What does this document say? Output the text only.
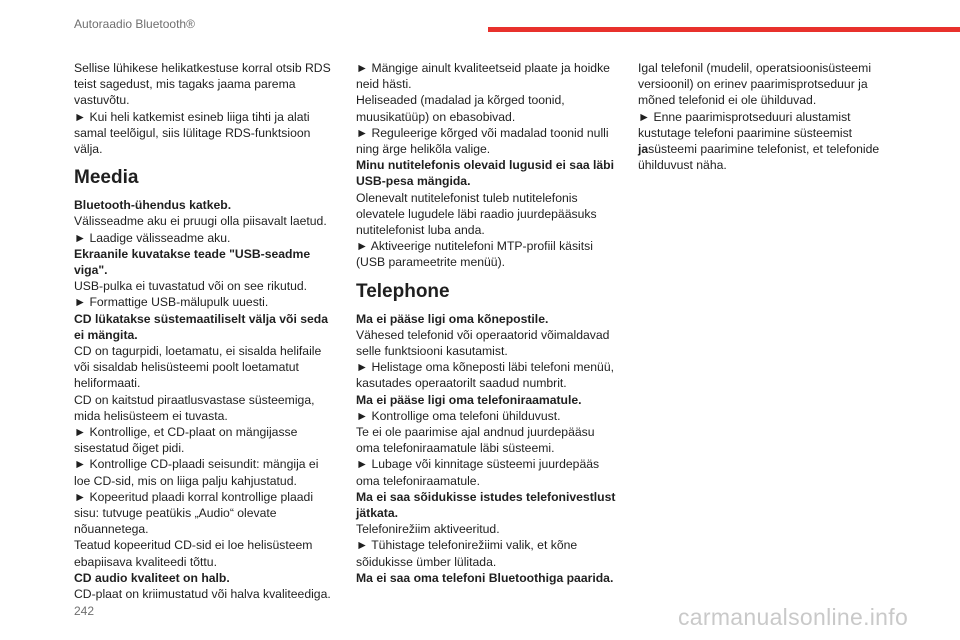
Autoraadio Bluetooth®
Sellise lühikese helikatkestuse korral otsib RDS teist sagedust, mis tagaks jaama parema vastuvõtu.
► Kui heli katkemist esineb liiga tihti ja alati samal teelõigul, siis lülitage RDS-funktsioon välja.
Meedia
Bluetooth-ühendus katkeb.
Välisseadme aku ei pruugi olla piisavalt laetud.
► Laadige välisseadme aku.
Ekraanile kuvatakse teade "USB-seadme viga".
USB-pulka ei tuvastatud või on see rikutud.
► Formattige USB-mälupulk uuesti.
CD lükatakse süstemaatiliselt välja või seda ei mängita.
CD on tagurpidi, loetamatu, ei sisalda helifaile või sisaldab helisüsteemi poolt loetamatut heliformaati.
CD on kaitstud piraatlusvastase süsteemiga, mida helisüsteem ei tuvasta.
► Kontrollige, et CD-plaat on mängijasse sisestatud õiget pidi.
► Kontrollige CD-plaadi seisundit: mängija ei loe CD-sid, mis on liiga palju kahjustatud.
► Kopeeritud plaadi korral kontrollige plaadi sisu: tutvuge peatükis „Audio“ olevate nõuannetega.
Teatud kopeeritud CD-sid ei loe helisüsteem ebapiisava kvaliteedi tõttu.
CD audio kvaliteet on halb.
CD-plaat on kriimustatud või halva kvaliteediga.
► Mängige ainult kvaliteetseid plaate ja hoidke neid hästi.
Heliseaded (madalad ja kõrged toonid, muusikatüüp) on ebasobivad.
► Reguleerige kõrged või madalad toonid nulli ning ärge helikõla valige.
Minu nutitelefonis olevaid lugusid ei saa läbi USB-pesa mängida.
Olenevalt nutitelefonist tuleb nutitelefonis olevatele lugudele läbi raadio juurdepääsuks nutitelefonist luba anda.
► Aktiveerige nutitelefoni MTP-profiil käsitsi (USB parameetrite menüü).
Telephone
Ma ei pääse ligi oma kõnepostile.
Vähesed telefonid või operaatorid võimaldavad selle funktsiooni kasutamist.
► Helistage oma kõneposti läbi telefoni menüü, kasutades operaatorilt saadud numbrit.
Ma ei pääse ligi oma telefoniraamatule.
► Kontrollige oma telefoni ühilduvust.
Te ei ole paarimise ajal andnud juurdepääsu oma telefoniraamatule läbi süsteemi.
► Lubage või kinnitage süsteemi juurdepääs oma telefoniraamatule.
Ma ei saa sõidukisse istudes telefonivestlust jätkata.
Telefonirežiim aktiveeritud.
► Tühistage telefonirežiimi valik, et kõne sõidukisse ümber lülitada.
Ma ei saa oma telefoni Bluetoothiga paarida.
Igal telefonil (mudelil, operatsioonisüsteemi versioonil) on erinev paarimisprotseduur ja mõned telefonid ei ole ühilduvad.
► Enne paarimisprotseduuri alustamist kustutage telefoni paarimine süsteemist jasüsteemi paarimine telefonist, et telefonide ühilduvust näha.
242	carmanualsonline.info
